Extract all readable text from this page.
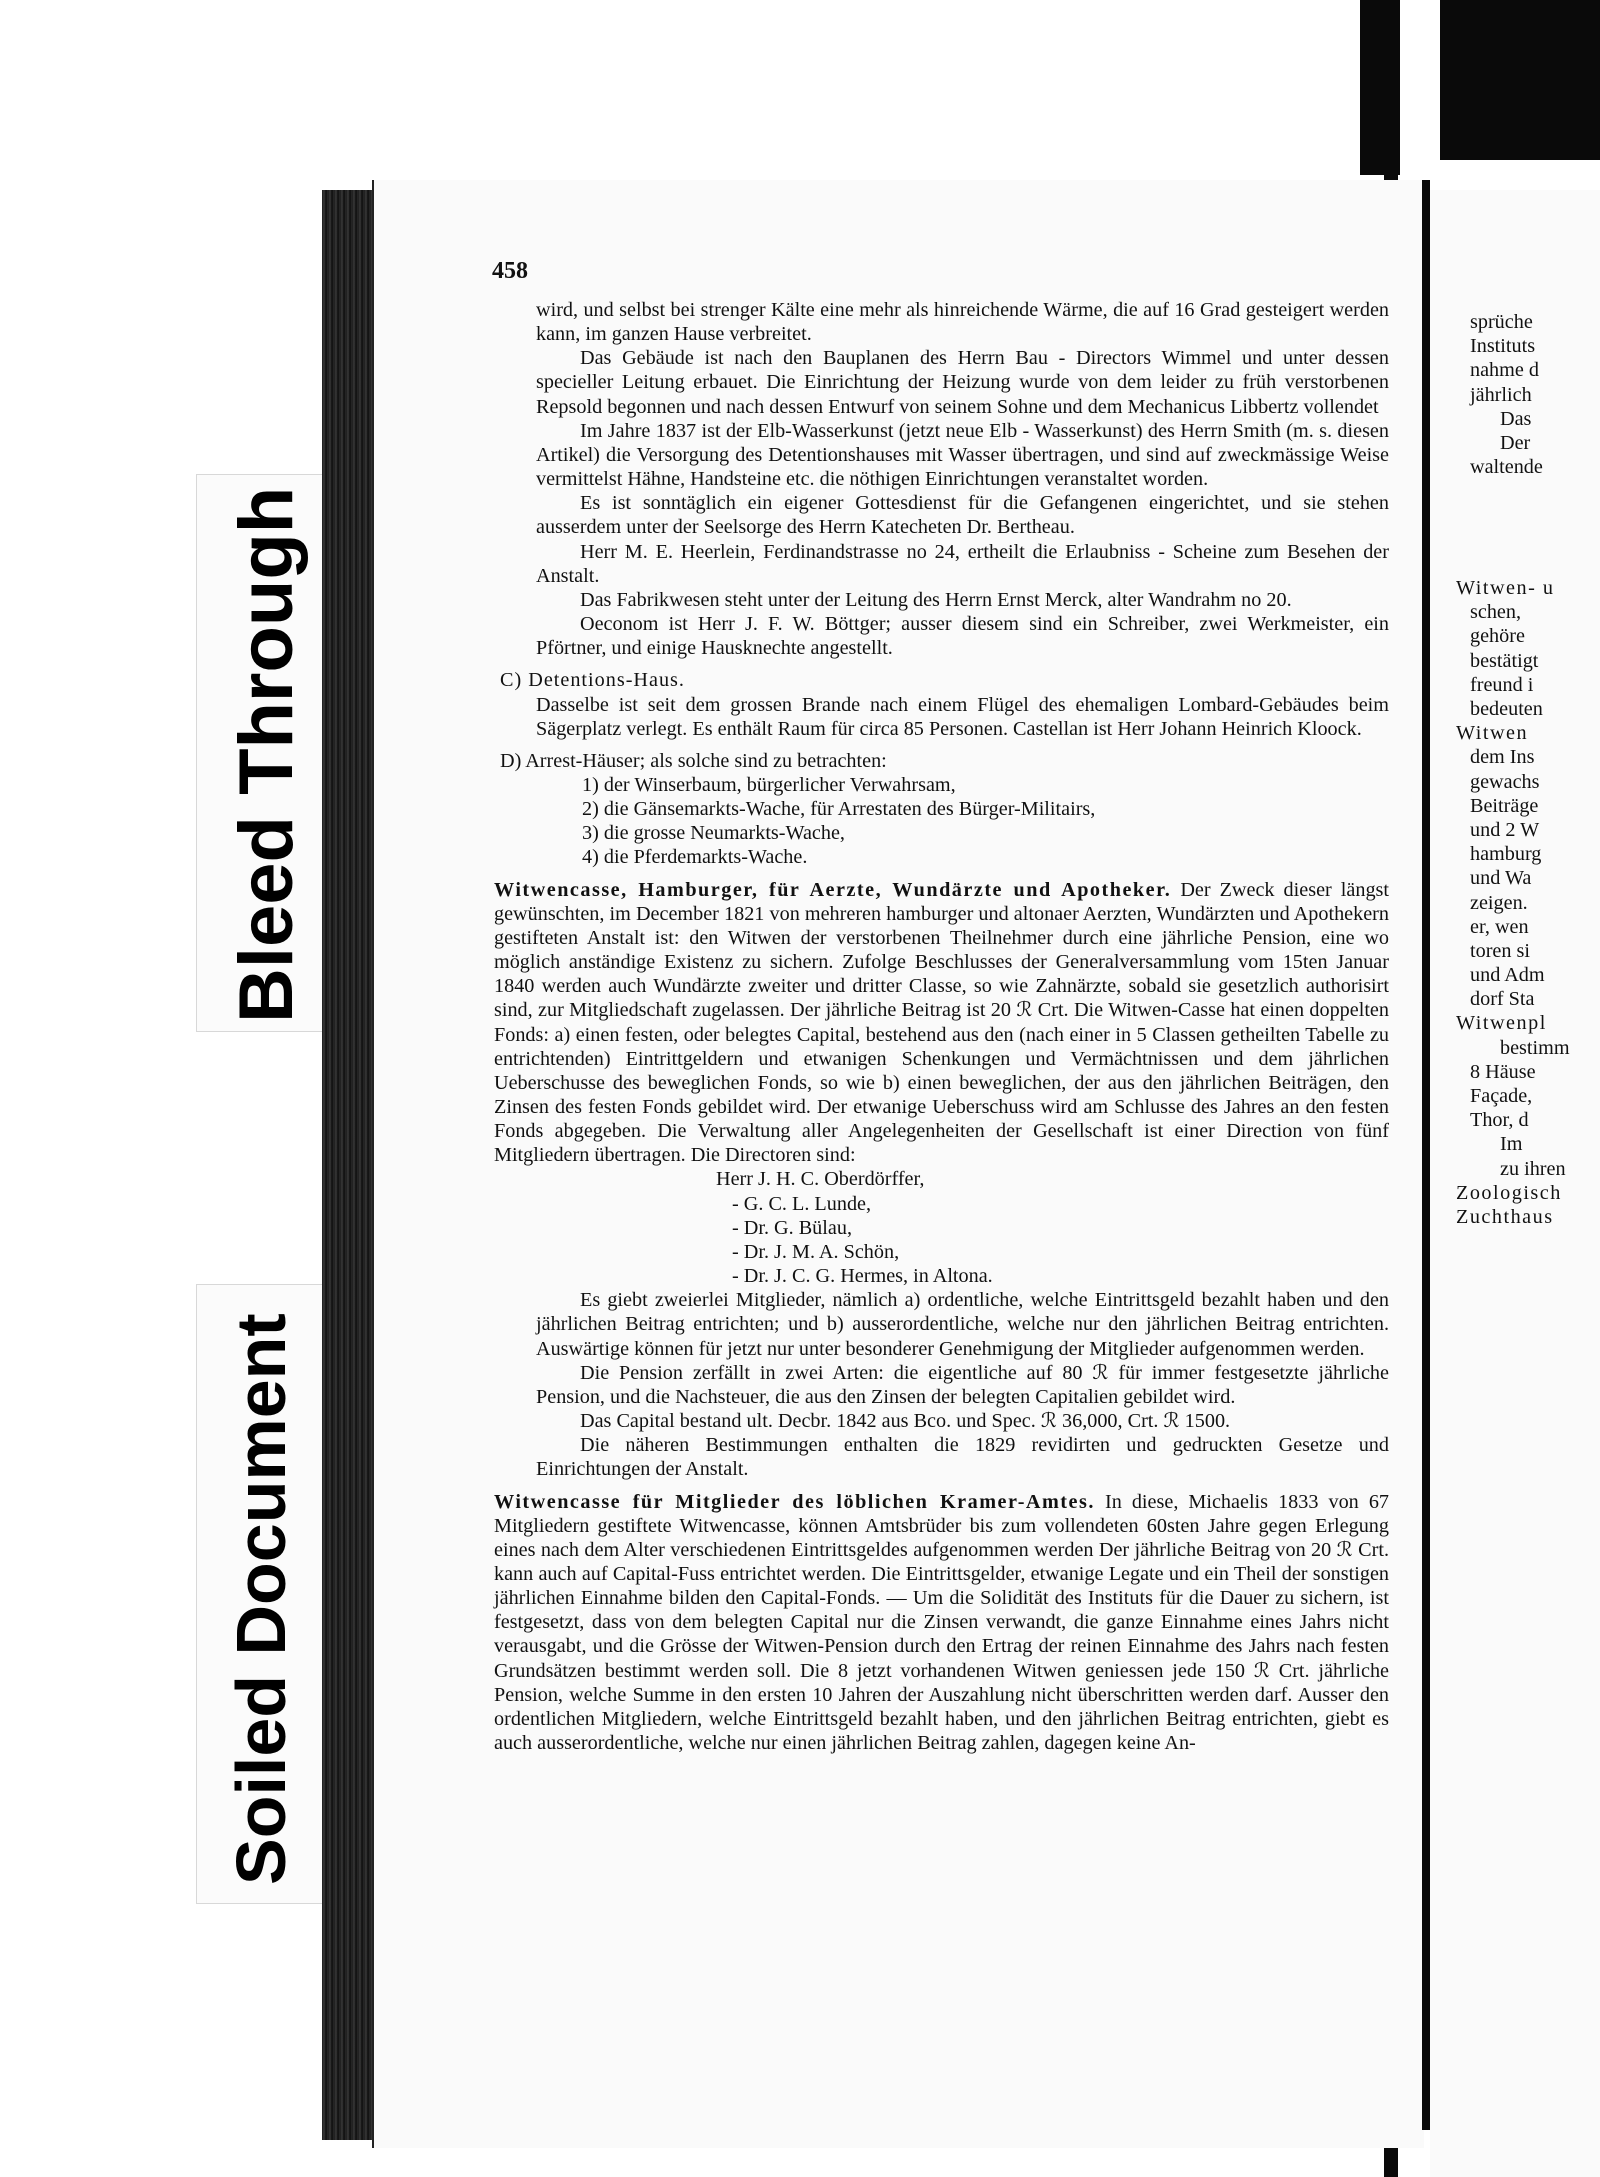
Bleed Through
Soiled Document
458

wird, und selbst bei strenger Kälte eine mehr als hinreichende Wärme, die auf 16 Grad gesteigert werden kann, im ganzen Hause verbreitet.

Das Gebäude ist nach den Bauplanen des Herrn Bau - Directors Wimmel und unter dessen specieller Leitung erbauet. Die Einrichtung der Heizung wurde von dem leider zu früh verstorbenen Repsold begonnen und nach dessen Entwurf von seinem Sohne und dem Mechanicus Libbertz vollendet

Im Jahre 1837 ist der Elb-Wasserkunst (jetzt neue Elb - Wasserkunst) des Herrn Smith (m. s. diesen Artikel) die Versorgung des Detentionshauses mit Wasser übertragen, und sind auf zweckmässige Weise vermittelst Hähne, Handsteine etc. die nöthigen Einrichtungen veranstaltet worden.

Es ist sonntäglich ein eigener Gottesdienst für die Gefangenen eingerichtet, und sie stehen ausserdem unter der Seelsorge des Herrn Katecheten Dr. Bertheau.

Herr M. E. Heerlein, Ferdinandstrasse no 24, ertheilt die Erlaubniss - Scheine zum Besehen der Anstalt.

Das Fabrikwesen steht unter der Leitung des Herrn Ernst Merck, alter Wandrahm no 20.

Oeconom ist Herr J. F. W. Böttger; ausser diesem sind ein Schreiber, zwei Werkmeister, ein Pförtner, und einige Hausknechte angestellt.

C) Detentions-Haus.

Dasselbe ist seit dem grossen Brande nach einem Flügel des ehemaligen Lombard-Gebäudes beim Sägerplatz verlegt. Es enthält Raum für circa 85 Personen. Castellan ist Herr Johann Heinrich Kloock.

D) Arrest-Häuser; als solche sind zu betrachten:

1) der Winserbaum, bürgerlicher Verwahrsam,

2) die Gänsemarkts-Wache, für Arrestaten des Bürger-Militairs,

3) die grosse Neumarkts-Wache,

4) die Pferdemarkts-Wache.

Witwencasse, Hamburger, für Aerzte, Wundärzte und Apotheker. Der Zweck dieser längst gewünschten, im December 1821 von mehreren hamburger und altonaer Aerzten, Wundärzten und Apothekern gestifteten Anstalt ist: den Witwen der verstorbenen Theilnehmer durch eine jährliche Pension, eine wo möglich anständige Existenz zu sichern. Zufolge Beschlusses der Generalversammlung vom 15ten Januar 1840 werden auch Wundärzte zweiter und dritter Classe, so wie Zahnärzte, sobald sie gesetzlich authorisirt sind, zur Mitgliedschaft zugelassen. Der jährliche Beitrag ist 20 ℛ Crt. Die Witwen-Casse hat einen doppelten Fonds: a) einen festen, oder belegtes Capital, bestehend aus den (nach einer in 5 Classen getheilten Tabelle zu entrichtenden) Eintrittgeldern und etwanigen Schenkungen und Vermächtnissen und dem jährlichen Ueberschusse des beweglichen Fonds, so wie b) einen beweglichen, der aus den jährlichen Beiträgen, den Zinsen des festen Fonds gebildet wird. Der etwanige Ueberschuss wird am Schlusse des Jahres an den festen Fonds abgegeben. Die Verwaltung aller Angelegenheiten der Gesellschaft ist einer Direction von fünf Mitgliedern übertragen. Die Directoren sind:

Herr J. H. C. Oberdörffer,

- G. C. L. Lunde,

- Dr. G. Bülau,

- Dr. J. M. A. Schön,

- Dr. J. C. G. Hermes, in Altona.

Es giebt zweierlei Mitglieder, nämlich a) ordentliche, welche Eintrittsgeld bezahlt haben und den jährlichen Beitrag entrichten; und b) ausserordentliche, welche nur den jährlichen Beitrag entrichten. Auswärtige können für jetzt nur unter besonderer Genehmigung der Mitglieder aufgenommen werden.

Die Pension zerfällt in zwei Arten: die eigentliche auf 80 ℛ für immer festgesetzte jährliche Pension, und die Nachsteuer, die aus den Zinsen der belegten Capitalien gebildet wird.

Das Capital bestand ult. Decbr. 1842 aus Bco. und Spec. ℛ 36,000, Crt. ℛ 1500.

Die näheren Bestimmungen enthalten die 1829 revidirten und gedruckten Gesetze und Einrichtungen der Anstalt.

Witwencasse für Mitglieder des löblichen Kramer-Amtes. In diese, Michaelis 1833 von 67 Mitgliedern gestiftete Witwencasse, können Amtsbrüder bis zum vollendeten 60sten Jahre gegen Erlegung eines nach dem Alter verschiedenen Eintrittsgeldes aufgenommen werden Der jährliche Beitrag von 20 ℛ Crt. kann auch auf Capital-Fuss entrichtet werden. Die Eintrittsgelder, etwanige Legate und ein Theil der sonstigen jährlichen Einnahme bilden den Capital-Fonds. — Um die Solidität des Instituts für die Dauer zu sichern, ist festgesetzt, dass von dem belegten Capital nur die Zinsen verwandt, die ganze Einnahme eines Jahrs nicht verausgabt, und die Grösse der Witwen-Pension durch den Ertrag der reinen Einnahme des Jahrs nach festen Grundsätzen bestimmt werden soll. Die 8 jetzt vorhandenen Witwen geniessen jede 150 ℛ Crt. jährliche Pension, welche Summe in den ersten 10 Jahren der Auszahlung nicht überschritten werden darf. Ausser den ordentlichen Mitgliedern, welche Eintrittsgeld bezahlt haben, und den jährlichen Beitrag entrichten, giebt es auch ausserordentliche, welche nur einen jährlichen Beitrag zahlen, dagegen keine An-

sprüche
Instituts
nahme d
jährlich
Das
Der
waltende
Witwen- u
schen,
gehöre
bestätigt
freund i
bedeuten
Witwen
dem Ins
gewachs
Beiträge
und 2 W
hamburg
und Wa
zeigen.
er, wen
toren si
und Adm
dorf Sta
Witwenpl
bestimm
8 Häuse
Façade,
Thor, d
Im
zu ihren
Zoologisch
Zuchthaus
